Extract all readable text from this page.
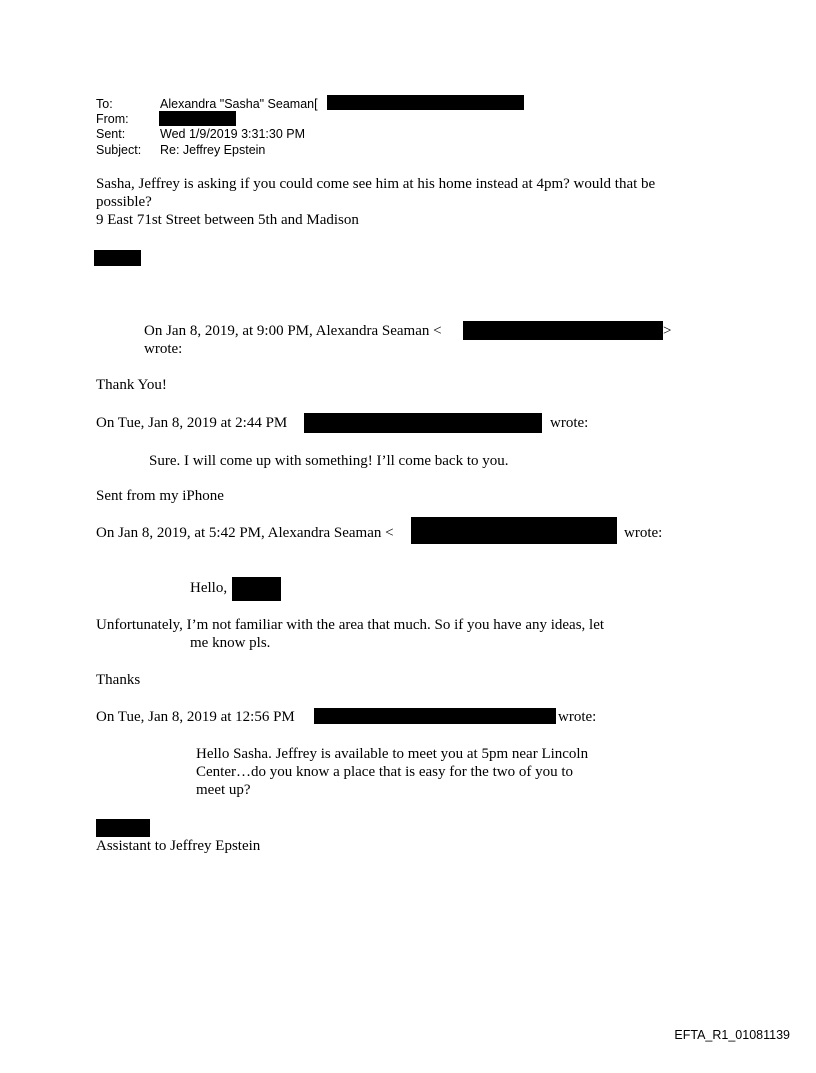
To:	Alexandra "Sasha" Seaman[
From:
Sent:	Wed 1/9/2019 3:31:30 PM
Subject: Re: Jeffrey Epstein
Sasha, Jeffrey is asking if you could come see him at his home instead at 4pm? would that be
possible?
9 East 71st Street between 5th and Madison
On Jan 8, 2019, at 9:00 PM, Alexandra Seaman <	>
wrote:
Thank You!
On Tue, Jan 8, 2019 at 2:44 PM	wrote:
Sure. I will come up with something! I’ll come back to you.
Sent from my iPhone
On Jan 8, 2019, at 5:42 PM, Alexandra Seaman <	wrote:
Hello,
Unfortunately, I’m not familiar with the area that much. So if you have any ideas, let
me know pls.
Thanks
On Tue, Jan 8, 2019 at 12:56 PM	wrote:
Hello Sasha. Jeffrey is available to meet you at 5pm near Lincoln
Center…do you know a place that is easy for the two of you to
meet up?
Assistant to Jeffrey Epstein
EFTA_R1_01081139
